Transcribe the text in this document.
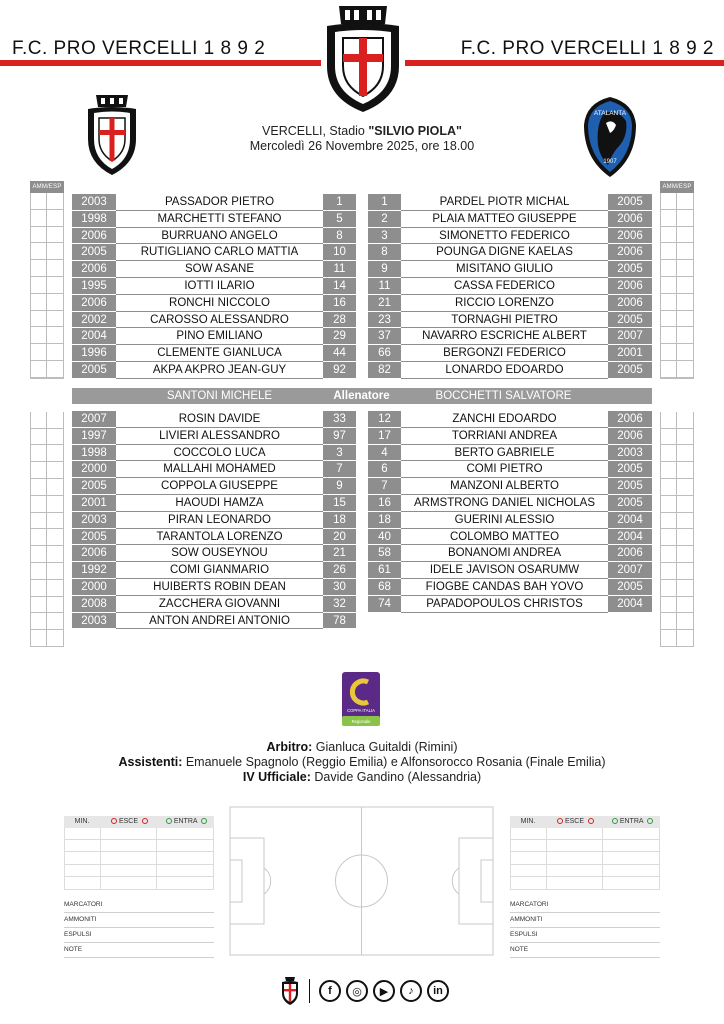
F.C. PRO VERCELLI 1 8 9 2	F.C. PRO VERCELLI 1 8 9 2
ATALANTA
1907
VERCELLI, Stadio "SILVIO PIOLA"
Mercoledì 26 Novembre 2025, ore 18.00
AMM/ESP	AMM/ESP
2003	PASSADOR PIETRO	1
1998	MARCHETTI STEFANO	5
2006	BURRUANO ANGELO	8
2005	RUTIGLIANO CARLO MATTIA	10
2006	SOW ASANE	11
1995	IOTTI ILARIO	14
2006	RONCHI NICCOLO	16
2002	CAROSSO ALESSANDRO	28
2004	PINO EMILIANO	29
1996	CLEMENTE GIANLUCA	44
2005	AKPA AKPRO JEAN-GUY	92
1	PARDEL PIOTR MICHAL	2005
2	PLAIA MATTEO GIUSEPPE	2006
3	SIMONETTO FEDERICO	2006
8	POUNGA DIGNE KAELAS	2006
9	MISITANO GIULIO	2005
11	CASSA FEDERICO	2006
21	RICCIO LORENZO	2006
23	TORNAGHI PIETRO	2005
37	NAVARRO ESCRICHE ALBERT	2007
66	BERGONZI FEDERICO	2001
82	LONARDO EDOARDO	2005
SANTONI MICHELE	Allenatore	BOCCHETTI SALVATORE
2007	ROSIN DAVIDE	33
1997	LIVIERI ALESSANDRO	97
1998	COCCOLO LUCA	3
2000	MALLAHI MOHAMED	7
2005	COPPOLA GIUSEPPE	9
2001	HAOUDI HAMZA	15
2003	PIRAN LEONARDO	18
2005	TARANTOLA LORENZO	20
2006	SOW OUSEYNOU	21
1992	COMI GIANMARIO	26
2000	HUIBERTS ROBIN DEAN	30
2008	ZACCHERA GIOVANNI	32
2003	ANTON ANDREI ANTONIO	78
12	ZANCHI EDOARDO	2006
17	TORRIANI ANDREA	2006
4	BERTO GABRIELE	2003
6	COMI PIETRO	2005
7	MANZONI ALBERTO	2005
16	ARMSTRONG DANIEL NICHOLAS	2005
18	GUERINI ALESSIO	2004
40	COLOMBO MATTEO	2004
58	BONANOMI ANDREA	2006
61	IDELE JAVISON OSARUMW	2007
68	FIOGBE CANDAS BAH YOVO	2005
74	PAPADOPOULOS CHRISTOS	2004
COPPA ITALIA
Regionale
Arbitro: Gianluca Guitaldi (Rimini)
Assistenti: Emanuele Spagnolo (Reggio Emilia) e Alfonsorocco Rosania (Finale Emilia)
IV Ufficiale: Davide Gandino (Alessandria)
MIN.	ESCE	ENTRA
MARCATORI
AMMONITI
ESPULSI
NOTE
MIN.	ESCE	ENTRA
MARCATORI
AMMONITI
ESPULSI
NOTE
f	◎	▶	♪	in
